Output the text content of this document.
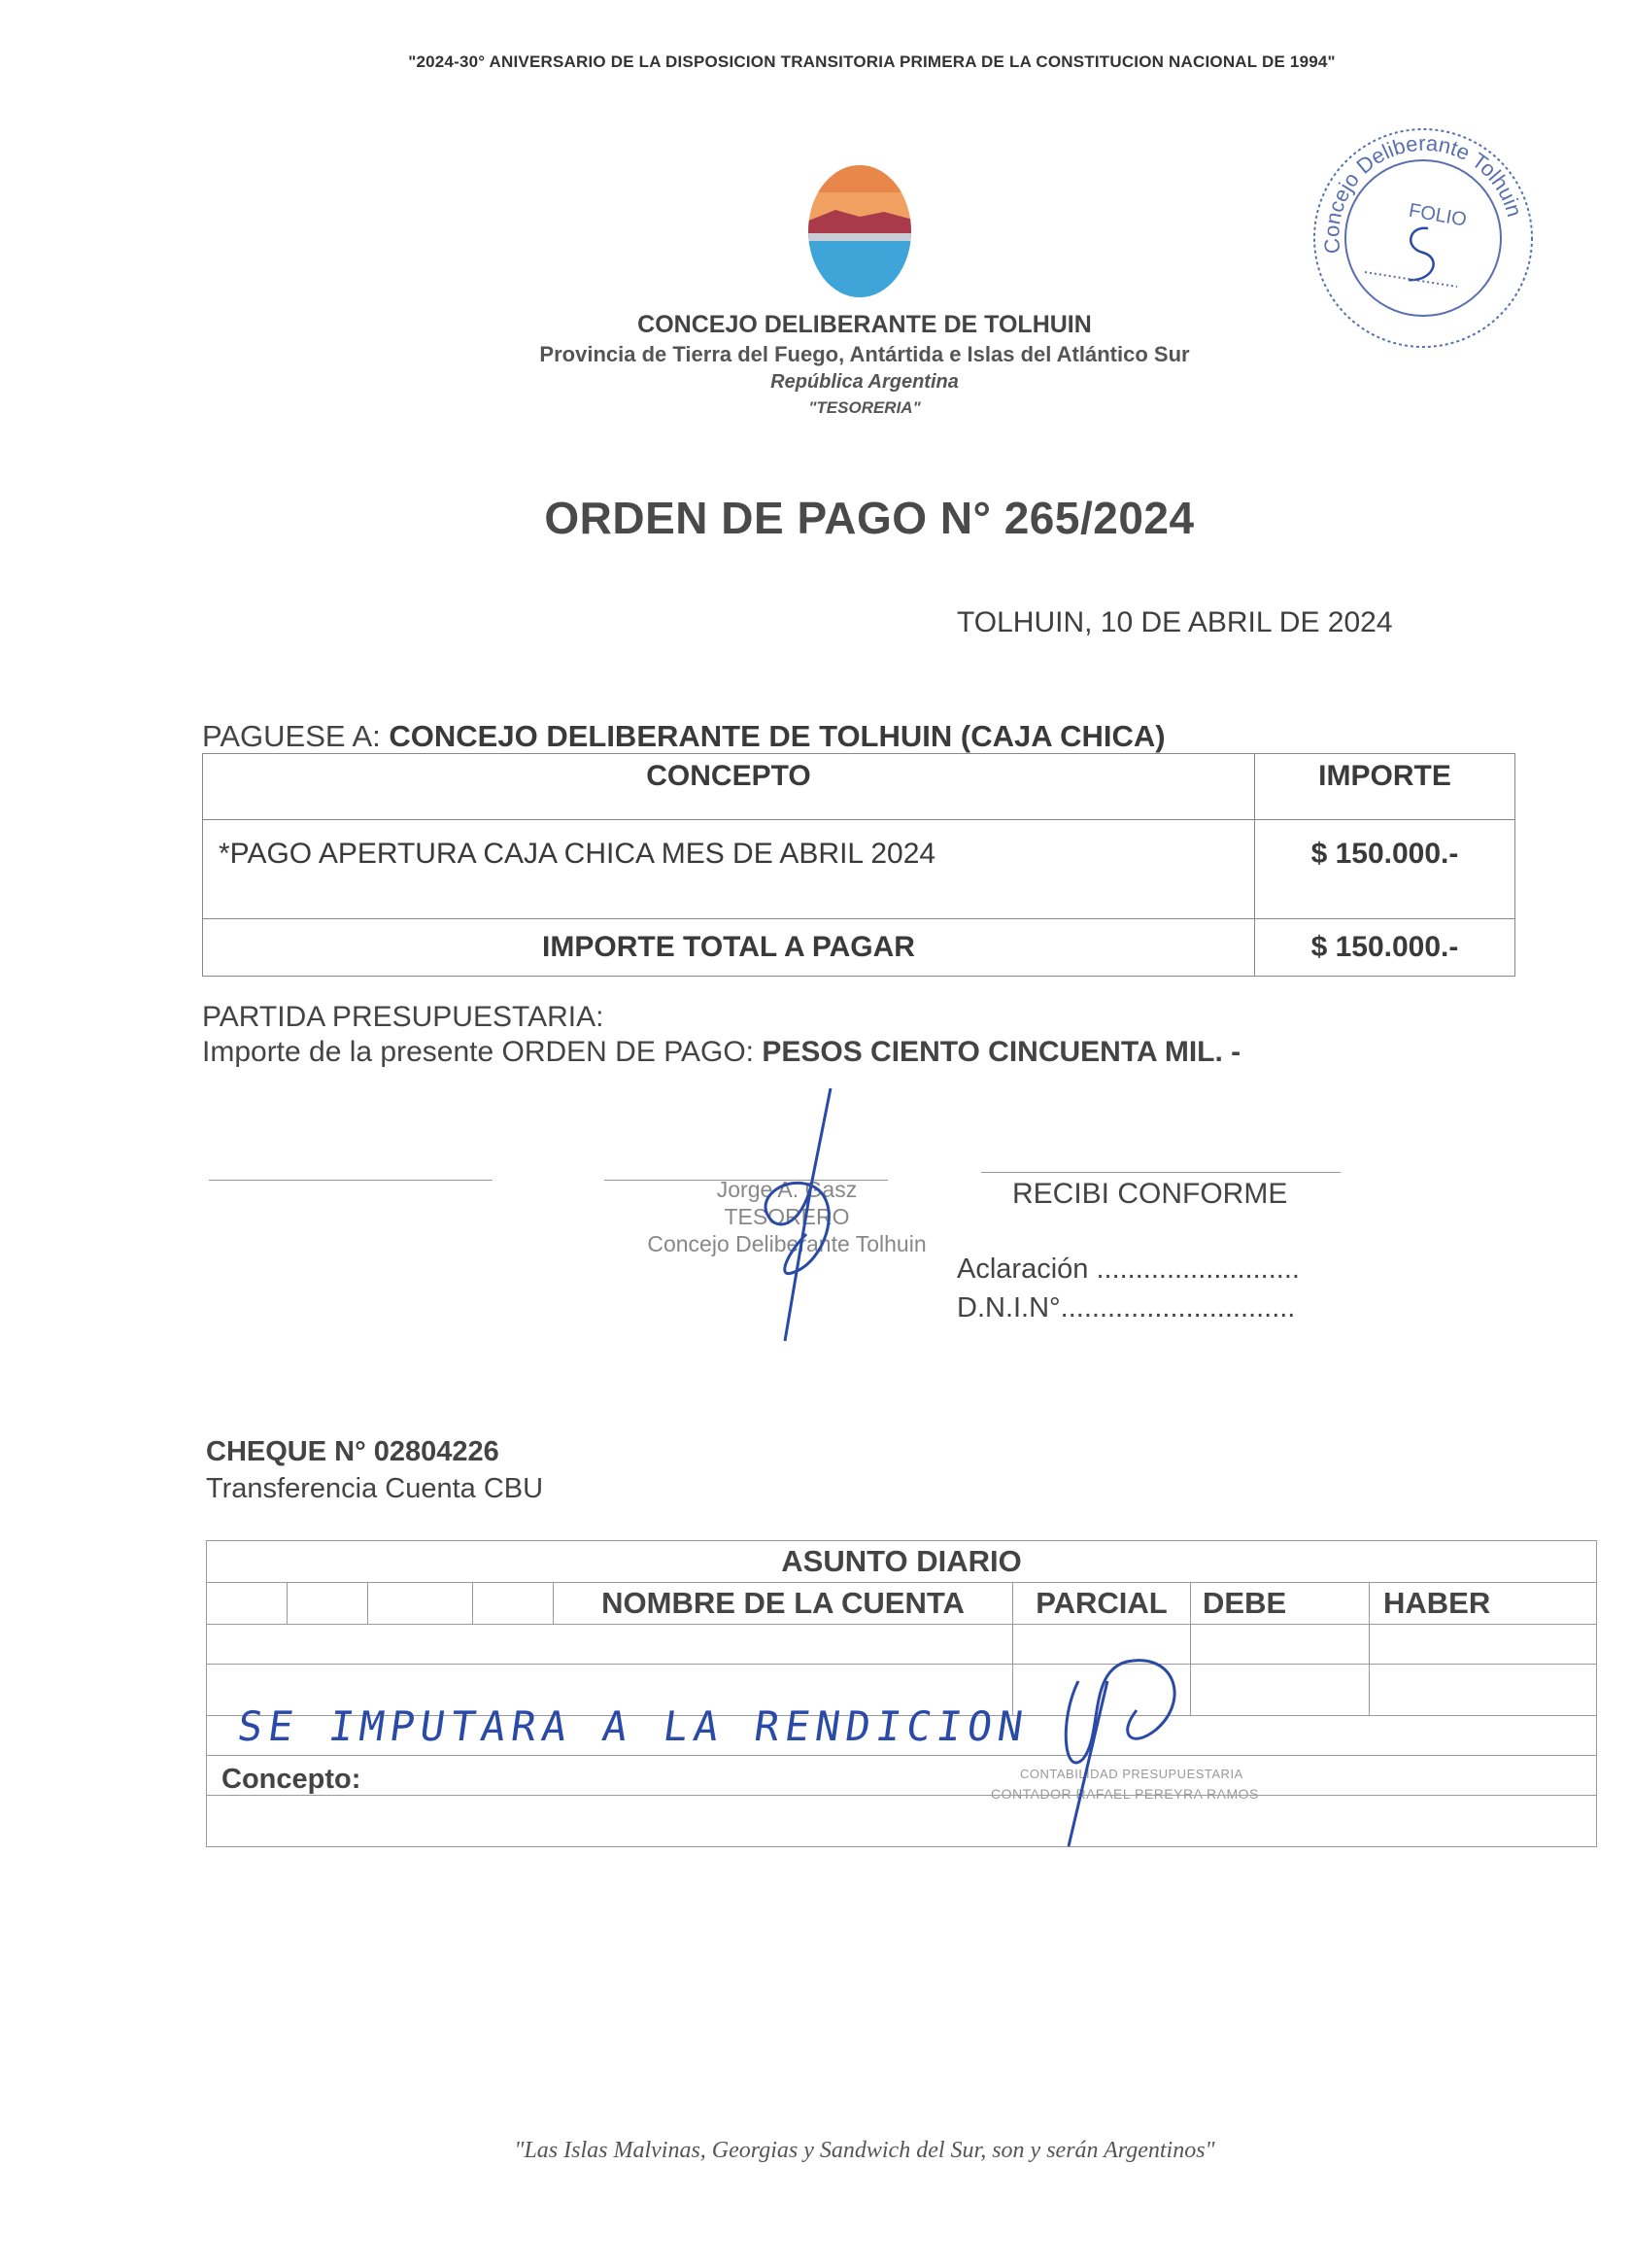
"2024-30° ANIVERSARIO DE LA DISPOSICION TRANSITORIA PRIMERA DE LA CONSTITUCION NACIONAL DE 1994"
CONCEJO DELIBERANTE DE TOLHUIN
Provincia de Tierra del Fuego, Antártida e Islas del Atlántico Sur
República Argentina
"TESORERIA"
Concejo Deliberante Tolhuin
FOLIO
ORDEN DE PAGO N° 265/2024
TOLHUIN, 10 DE ABRIL DE 2024
PAGUESE A: CONCEJO DELIBERANTE DE TOLHUIN (CAJA CHICA)
CONCEPTO	IMPORTE
*PAGO APERTURA CAJA CHICA MES DE ABRIL 2024	$ 150.000.-
IMPORTE TOTAL A PAGAR	$ 150.000.-
PARTIDA PRESUPUESTARIA:
Importe de la presente ORDEN DE PAGO: PESOS CIENTO CINCUENTA MIL. -
Jorge A. Gasz
TESORERO
Concejo Deliberante Tolhuin
RECIBI CONFORME
Aclaración ..........................
D.N.I.N°..............................
CHEQUE N° 02804226
Transferencia Cuenta CBU
ASUNTO DIARIO							
				NOMBRE DE LA CUENTA	PARCIAL	DEBE	HABER

Concepto:	CONTABILIDAD PRESUPUESTARIA
CONTADOR RAFAEL PEREYRA RAMOS
SE IMPUTARA A LA RENDICION
"Las Islas Malvinas, Georgias y Sandwich del Sur, son y serán Argentinos"
